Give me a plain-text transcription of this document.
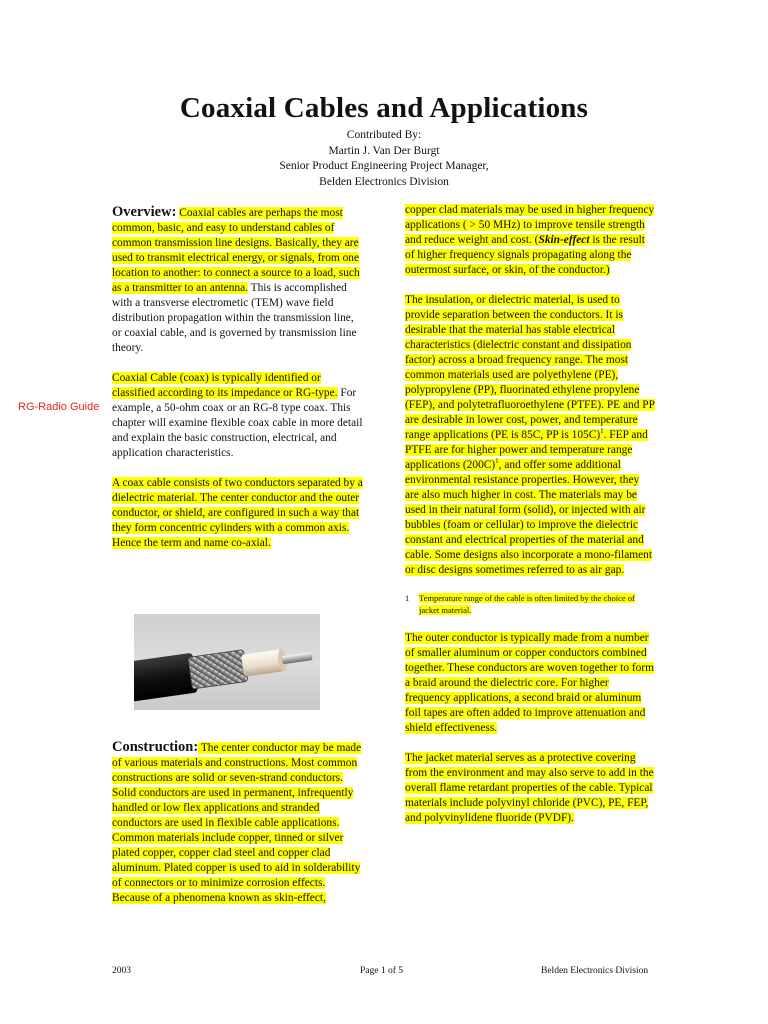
Coaxial Cables and Applications
Contributed By:
Martin J. Van Der Burgt
Senior Product Engineering Project Manager,
Belden Electronics Division
RG-Radio Guide

Overview: Coaxial cables are perhaps the most common, basic, and easy to understand cables of common transmission line designs. Basically, they are used to transmit electrical energy, or signals, from one location to another: to connect a source to a load, such as a transmitter to an antenna. This is accomplished with a transverse electrometic (TEM) wave field distribution propagation within the transmission line, or coaxial cable, and is governed by transmission line theory.

Coaxial Cable (coax) is typically identified or classified according to its impedance or RG-type. For example, a 50-ohm coax or an RG-8 type coax. This chapter will examine flexible coax cable in more detail and explain the basic construction, electrical, and application characteristics.

A coax cable consists of two conductors separated by a dielectric material. The center conductor and the outer conductor, or shield, are configured in such a way that they form concentric cylinders with a common axis. Hence the term and name co-axial.

Construction: The center conductor may be made of various materials and constructions. Most common constructions are solid or seven-strand conductors. Solid conductors are used in permanent, infrequently handled or low flex applications and stranded conductors are used in flexible cable applications. Common materials include copper, tinned or silver plated copper, copper clad steel and copper clad aluminum. Plated copper is used to aid in solderability of connectors or to minimize corrosion effects. Because of a phenomena known as skin-effect,

copper clad materials may be used in higher frequency applications ( > 50 MHz) to improve tensile strength and reduce weight and cost. (Skin-effect is the result of higher frequency signals propagating along the outermost surface, or skin, of the conductor.)

The insulation, or dielectric material, is used to provide separation between the conductors. It is desirable that the material has stable electrical characteristics (dielectric constant and dissipation factor) across a broad frequency range. The most common materials used are polyethylene (PE), polypropylene (PP), fluorinated ethylene propylene (FEP), and polytetrafluoroethylene (PTFE). PE and PP are desirable in lower cost, power, and temperature range applications (PE is 85C, PP is 105C)$^1$. FEP and PTFE are for higher power and temperature range applications $(200C)^1$, and offer some additional environmental resistance properties. However, they are also much higher in cost. The materials may be used in their natural form (solid), or injected with air bubbles (foam or cellular) to improve the dielectric constant and electrical properties of the material and cable. Some designs also incorporate a mono-filament or disc designs sometimes referred to as air gap.

1 Temperature range of the cable is often limited by the choice of jacket material.

The outer conductor is typically made from a number of smaller aluminum or copper conductors combined together. These conductors are woven together to form a braid around the dielectric core. For higher frequency applications, a second braid or aluminum foil tapes are often added to improve attenuation and shield effectiveness.

The jacket material serves as a protective covering from the environment and may also serve to add in the overall flame retardant properties of the cable. Typical materials include polyvinyl chloride (PVC), PE, FEP, and polyvinylidene fluoride (PVDF).

2003	Page 1 of 5	Belden Electronics Division
